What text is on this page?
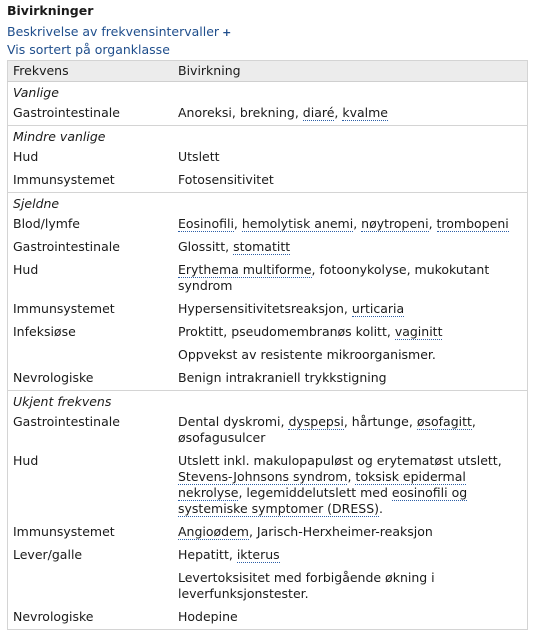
Bivirkninger
Beskrivelse av frekvensintervaller +
Vis sortert på organklasse
Frekvens	Bivirkning
Vanlige	
Gastrointestinale	Anoreksi, brekning, diaré, kvalme
Mindre vanlige	
Hud	Utslett
Immunsystemet	Fotosensitivitet
Sjeldne	
Blod/lymfe	Eosinofili, hemolytisk anemi, nøytropeni, trombopeni
Gastrointestinale	Glossitt, stomatitt
Hud	Erythema multiforme, fotoonykolyse, mukokutant syndrom
Immunsystemet	Hypersensitivitetsreaksjon, urticaria
Infeksiøse	Proktitt, pseudomembranøs kolitt, vaginitt
	Oppvekst av resistente mikroorganismer.
Nevrologiske	Benign intrakraniell trykkstigning
Ukjent frekvens	
Gastrointestinale	Dental dyskromi, dyspepsi, hårtunge, øsofagitt, øsofagusulcer
Hud	Utslett inkl. makulopapuløst og erytematøst utslett, Stevens-Johnsons syndrom, toksisk epidermal nekrolyse, legemiddelutslett med eosinofili og systemiske symptomer (DRESS).
Immunsystemet	Angioødem, Jarisch-Herxheimer-reaksjon
Lever/galle	Hepatitt, ikterus
	Levertoksisitet med forbigående økning i leverfunksjonstester.
Nevrologiske	Hodepine
